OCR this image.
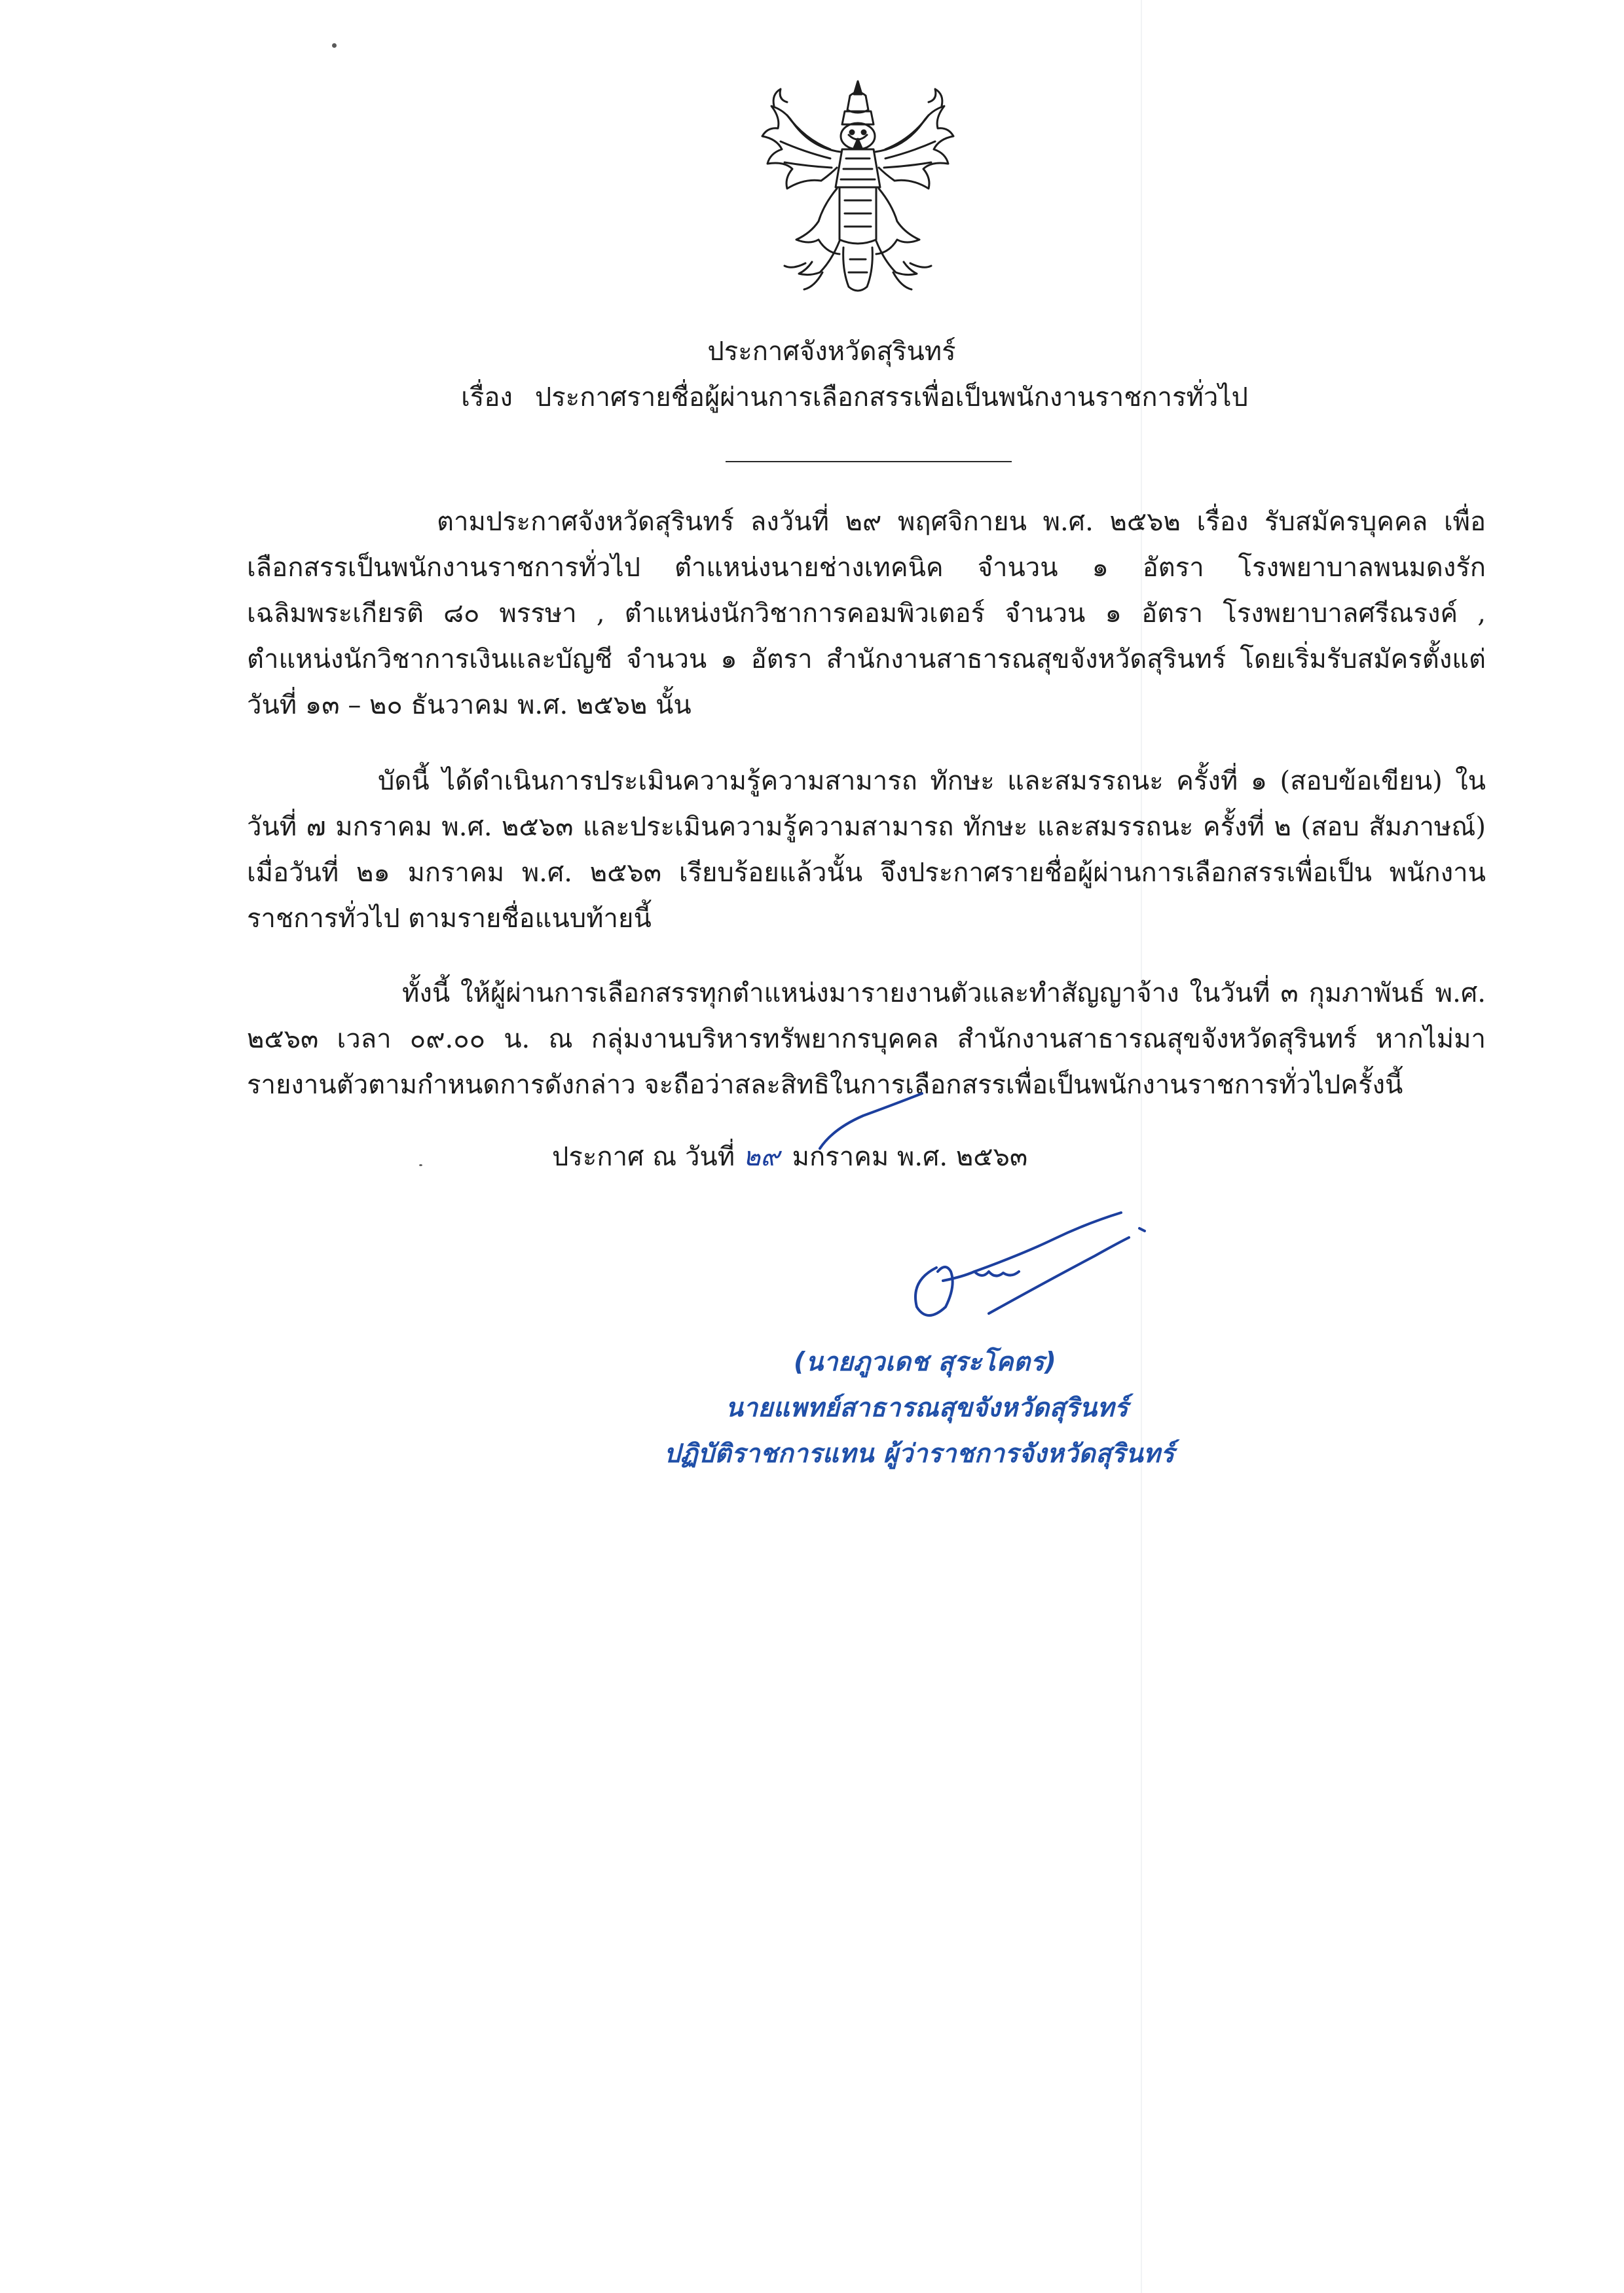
ประกาศจังหวัดสุรินทร์
เรื่อง ประกาศรายชื่อผู้ผ่านการเลือกสรรเพื่อเป็นพนักงานราชการทั่วไป
ตามประกาศจังหวัดสุรินทร์ ลงวันที่ ๒๙ พฤศจิกายน พ.ศ. ๒๕๖๒ เรื่อง รับสมัครบุคคล เพื่อเลือกสรรเป็นพนักงานราชการทั่วไป ตำแหน่งนายช่างเทคนิค จำนวน ๑ อัตรา โรงพยาบาลพนมดงรัก เฉลิมพระเกียรติ ๘๐ พรรษา , ตำแหน่งนักวิชาการคอมพิวเตอร์ จำนวน ๑ อัตรา โรงพยาบาลศรีณรงค์ , ตำแหน่งนักวิชาการเงินและบัญชี จำนวน ๑ อัตรา สำนักงานสาธารณสุขจังหวัดสุรินทร์ โดยเริ่มรับสมัครตั้งแต่ วันที่ ๑๓ – ๒๐ ธันวาคม พ.ศ. ๒๕๖๒ นั้น
บัดนี้ ได้ดำเนินการประเมินความรู้ความสามารถ ทักษะ และสมรรถนะ ครั้งที่ ๑ (สอบข้อเขียน) ในวันที่ ๗ มกราคม พ.ศ. ๒๕๖๓ และประเมินความรู้ความสามารถ ทักษะ และสมรรถนะ ครั้งที่ ๒ (สอบ สัมภาษณ์) เมื่อวันที่ ๒๑ มกราคม พ.ศ. ๒๕๖๓ เรียบร้อยแล้วนั้น จึงประกาศรายชื่อผู้ผ่านการเลือกสรรเพื่อเป็น พนักงานราชการทั่วไป ตามรายชื่อแนบท้ายนี้
ทั้งนี้ ให้ผู้ผ่านการเลือกสรรทุกตำแหน่งมารายงานตัวและทำสัญญาจ้าง ในวันที่ ๓ กุมภาพันธ์ พ.ศ. ๒๕๖๓ เวลา ๐๙.๐๐ น. ณ กลุ่มงานบริหารทรัพยากรบุคคล สำนักงานสาธารณสุขจังหวัดสุรินทร์ หากไม่มา รายงานตัวตามกำหนดการดังกล่าว จะถือว่าสละสิทธิในการเลือกสรรเพื่อเป็นพนักงานราชการทั่วไปครั้งนี้
ประกาศ ณ วันที่ ๒๙ มกราคม พ.ศ. ๒๕๖๓
(นายภูวเดช สุระโคตร)
นายแพทย์สาธารณสุขจังหวัดสุรินทร์
ปฏิบัติราชการแทน ผู้ว่าราชการจังหวัดสุรินทร์
